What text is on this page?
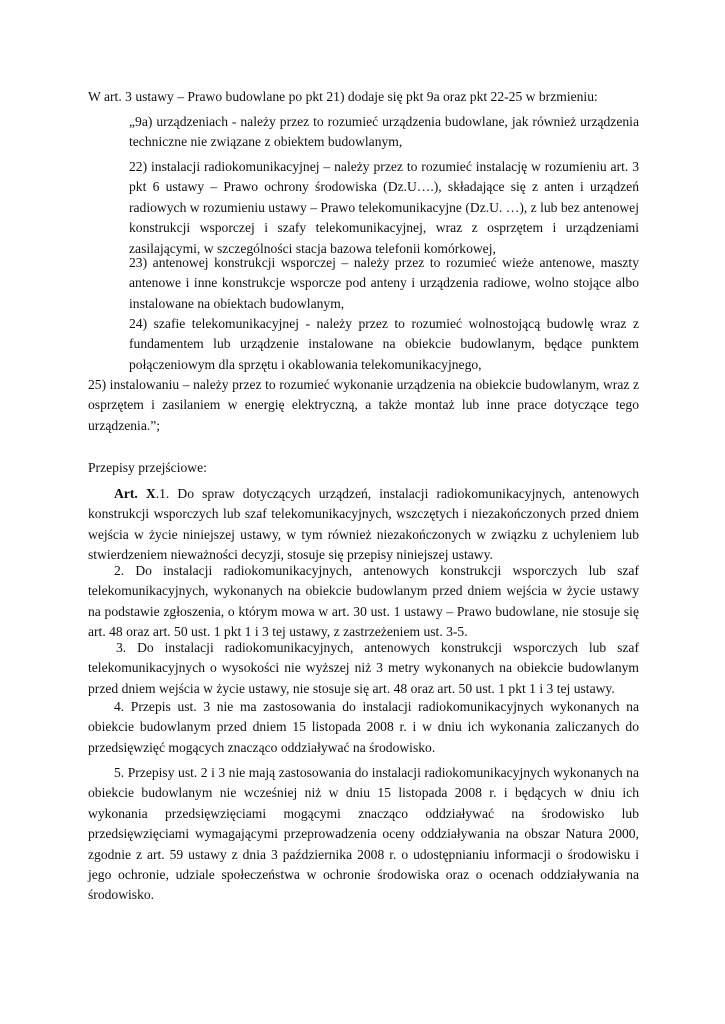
W art. 3 ustawy – Prawo budowlane po pkt 21) dodaje się pkt 9a oraz pkt 22-25 w brzmieniu:

„9a) urządzeniach - należy przez to rozumieć urządzenia budowlane, jak również urządzenia techniczne nie związane z obiektem budowlanym,

22) instalacji radiokomunikacyjnej – należy przez to rozumieć instalację w rozumieniu art. 3 pkt 6 ustawy – Prawo ochrony środowiska (Dz.U….), składające się z anten i urządzeń radiowych w rozumieniu ustawy – Prawo telekomunikacyjne (Dz.U. …), z lub bez antenowej konstrukcji wsporczej i szafy telekomunikacyjnej, wraz z osprzętem i urządzeniami zasilającymi, w szczególności stacja bazowa telefonii komórkowej,

23) antenowej konstrukcji wsporczej – należy przez to rozumieć wieże antenowe, maszty antenowe i inne konstrukcje wsporcze pod anteny i urządzenia radiowe, wolno stojące albo instalowane na obiektach budowlanym,

24) szafie telekomunikacyjnej - należy przez to rozumieć wolnostojącą budowlę wraz z fundamentem lub urządzenie instalowane na obiekcie budowlanym, będące punktem połączeniowym dla sprzętu i okablowania telekomunikacyjnego,

25) instalowaniu – należy przez to rozumieć wykonanie urządzenia na obiekcie budowlanym, wraz z osprzętem i zasilaniem w energię elektryczną, a także montaż lub inne prace dotyczące tego urządzenia.”;

Przepisy przejściowe:

Art. X.1. Do spraw dotyczących urządzeń, instalacji radiokomunikacyjnych, antenowych konstrukcji wsporczych lub szaf telekomunikacyjnych, wszczętych i niezakończonych przed dniem wejścia w życie niniejszej ustawy, w tym również niezakończonych w związku z uchyleniem lub stwierdzeniem nieważności decyzji, stosuje się przepisy niniejszej ustawy.

2. Do instalacji radiokomunikacyjnych, antenowych konstrukcji wsporczych lub szaf telekomunikacyjnych, wykonanych na obiekcie budowlanym przed dniem wejścia w życie ustawy na podstawie zgłoszenia, o którym mowa w art. 30 ust. 1 ustawy – Prawo budowlane, nie stosuje się art. 48 oraz art. 50 ust. 1 pkt 1 i 3 tej ustawy, z zastrzeżeniem ust. 3-5.

3. Do instalacji radiokomunikacyjnych, antenowych konstrukcji wsporczych lub szaf telekomunikacyjnych o wysokości nie wyższej niż 3 metry wykonanych na obiekcie budowlanym przed dniem wejścia w życie ustawy, nie stosuje się art. 48 oraz art. 50 ust. 1 pkt 1 i 3 tej ustawy.

4. Przepis ust. 3 nie ma zastosowania do instalacji radiokomunikacyjnych wykonanych na obiekcie budowlanym przed dniem 15 listopada 2008 r. i w dniu ich wykonania zaliczanych do przedsięwzięć mogących znacząco oddziaływać na środowisko.

5. Przepisy ust. 2 i 3 nie mają zastosowania do instalacji radiokomunikacyjnych wykonanych na obiekcie budowlanym nie wcześniej niż w dniu 15 listopada 2008 r. i będących w dniu ich wykonania przedsięwzięciami mogącymi znacząco oddziaływać na środowisko lub przedsięwzięciami wymagającymi przeprowadzenia oceny oddziaływania na obszar Natura 2000, zgodnie z art. 59 ustawy z dnia 3 października 2008 r. o udostępnianiu informacji o środowisku i jego ochronie, udziale społeczeństwa w ochronie środowiska oraz o ocenach oddziaływania na środowisko.
